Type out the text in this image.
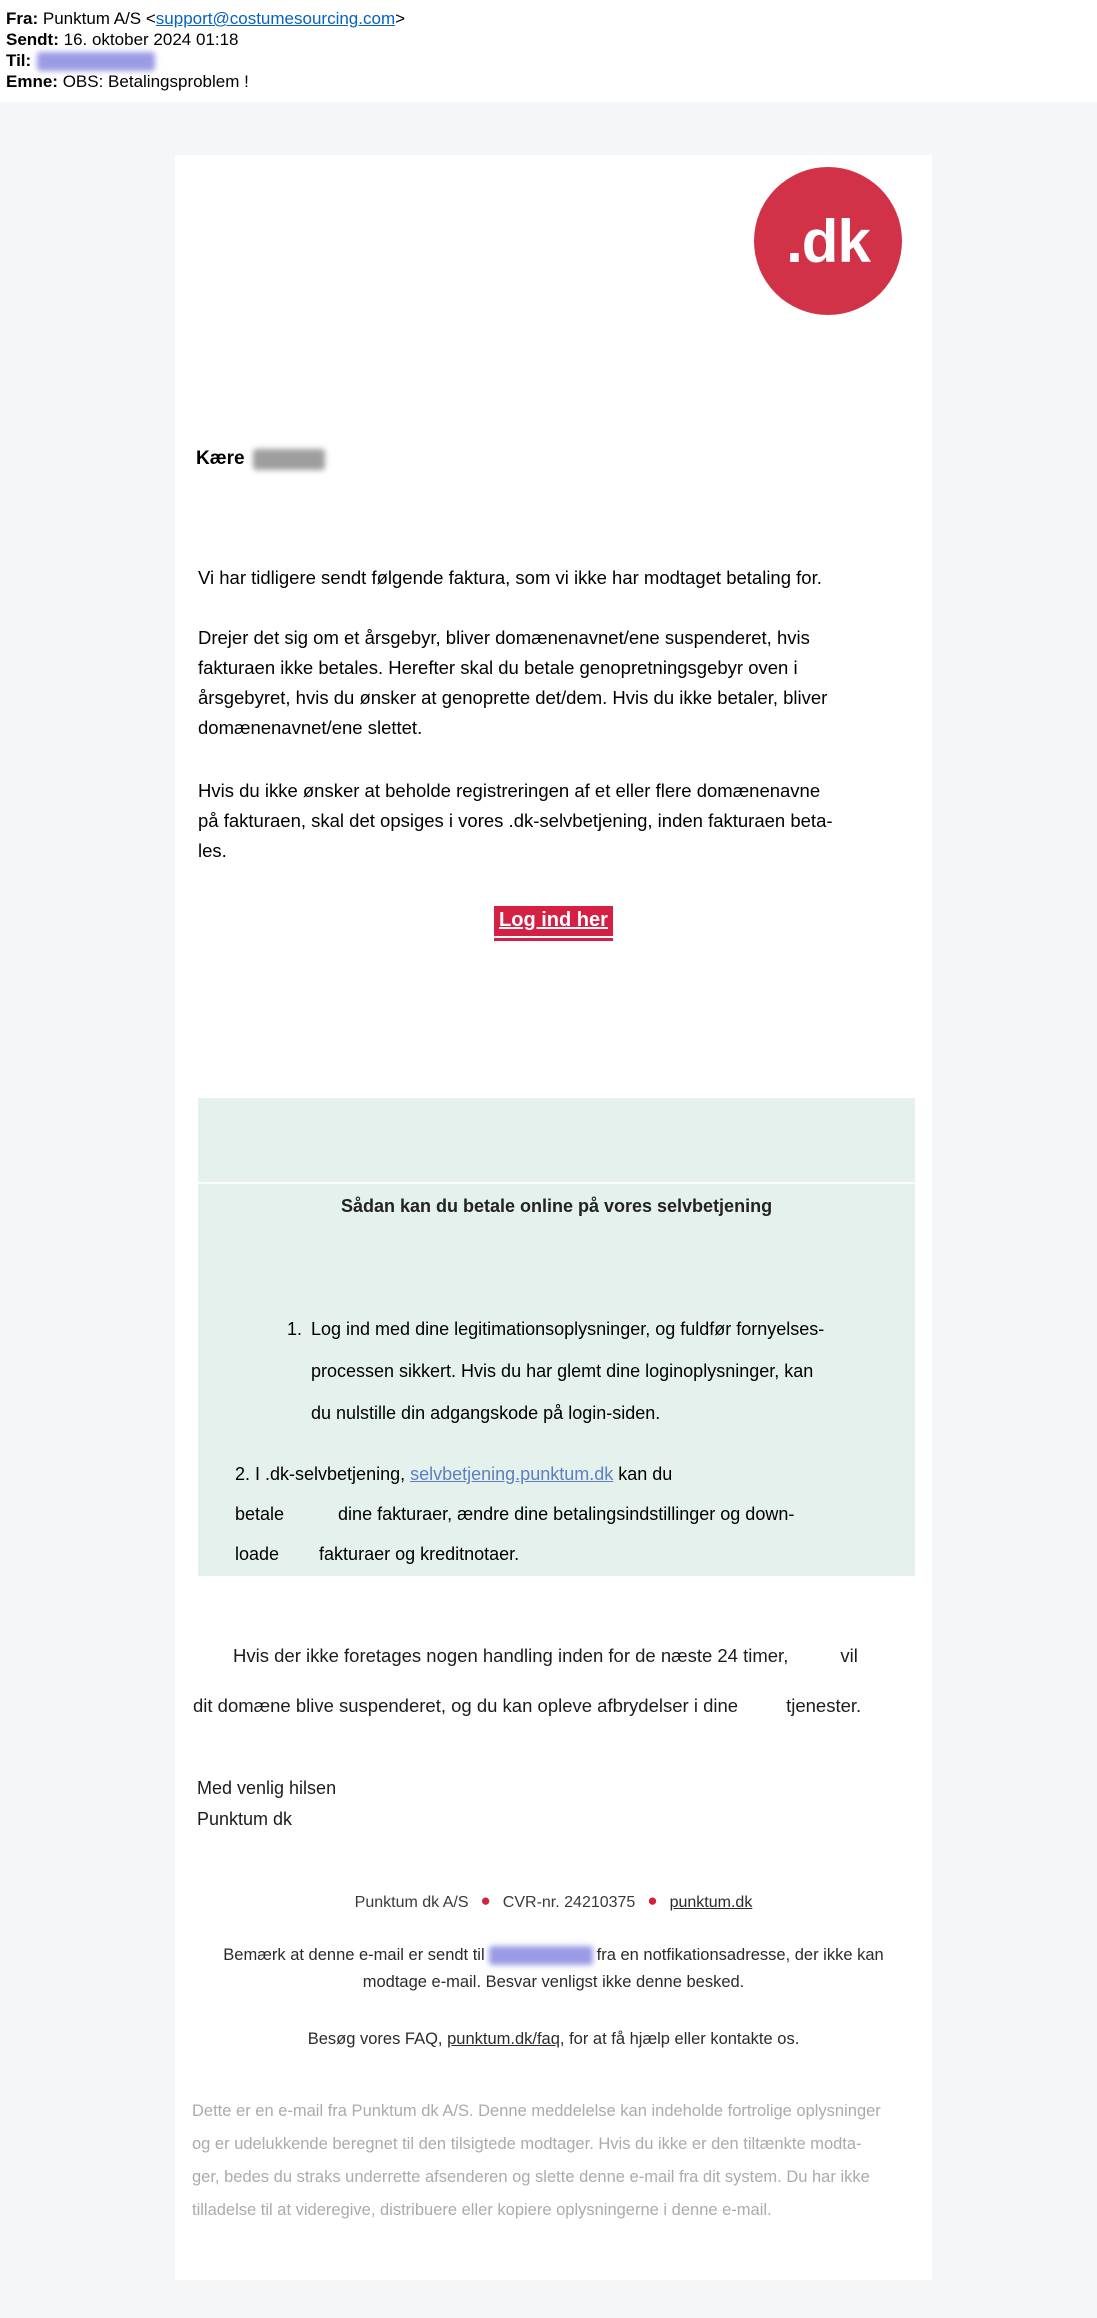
Fra: Punktum A/S <support@costumesourcing.com>
Sendt: 16. oktober 2024 01:18
Til:
Emne: OBS: Betalingsproblem !
.dk
Kære

Vi har tidligere sendt følgende faktura, som vi ikke har modtaget betaling for.

Drejer det sig om et årsgebyr, bliver domænenavnet/ene suspenderet, hvis
fakturaen ikke betales. Herefter skal du betale genopretningsgebyr oven i
årsgebyret, hvis du ønsker at genoprette det/dem. Hvis du ikke betaler, bliver
domænenavnet/ene slettet.

Hvis du ikke ønsker at beholde registreringen af et eller flere domænenavne
på fakturaen, skal det opsiges i vores .dk-selvbetjening, inden fakturaen beta-
les.

Log ind her
Sådan kan du betale online på vores selvbetjening
1. Log ind med dine legitimationsoplysninger, og fuldfør fornyelses-
processen sikkert. Hvis du har glemt dine loginoplysninger, kan
du nulstille din adgangskode på login-siden.
2. I .dk-selvbetjening, selvbetjening.punktum.dk kan du
betale	dine fakturaer, ændre dine betalingsindstillinger og down-
loade fakturaer og kreditnotaer.
Hvis der ikke foretages nogen handling inden for de næste 24 timer,	vil
dit domæne blive suspenderet, og du kan opleve afbrydelser i dine	tjenester.
Med venlig hilsen
Punktum dk
Punktum dk A/S ● CVR-nr. 24210375 ● punktum.dk
Bemærk at denne e-mail er sendt til	fra en notfikationsadresse, der ikke kan modtage e-mail. Besvar venligst ikke denne besked.
Besøg vores FAQ, punktum.dk/faq, for at få hjælp eller kontakte os.
Dette er en e-mail fra Punktum dk A/S. Denne meddelelse kan indeholde fortrolige oplysninger
og er udelukkende beregnet til den tilsigtede modtager. Hvis du ikke er den tiltænkte modta-
ger, bedes du straks underrette afsenderen og slette denne e-mail fra dit system. Du har ikke
tilladelse til at videregive, distribuere eller kopiere oplysningerne i denne e-mail.
